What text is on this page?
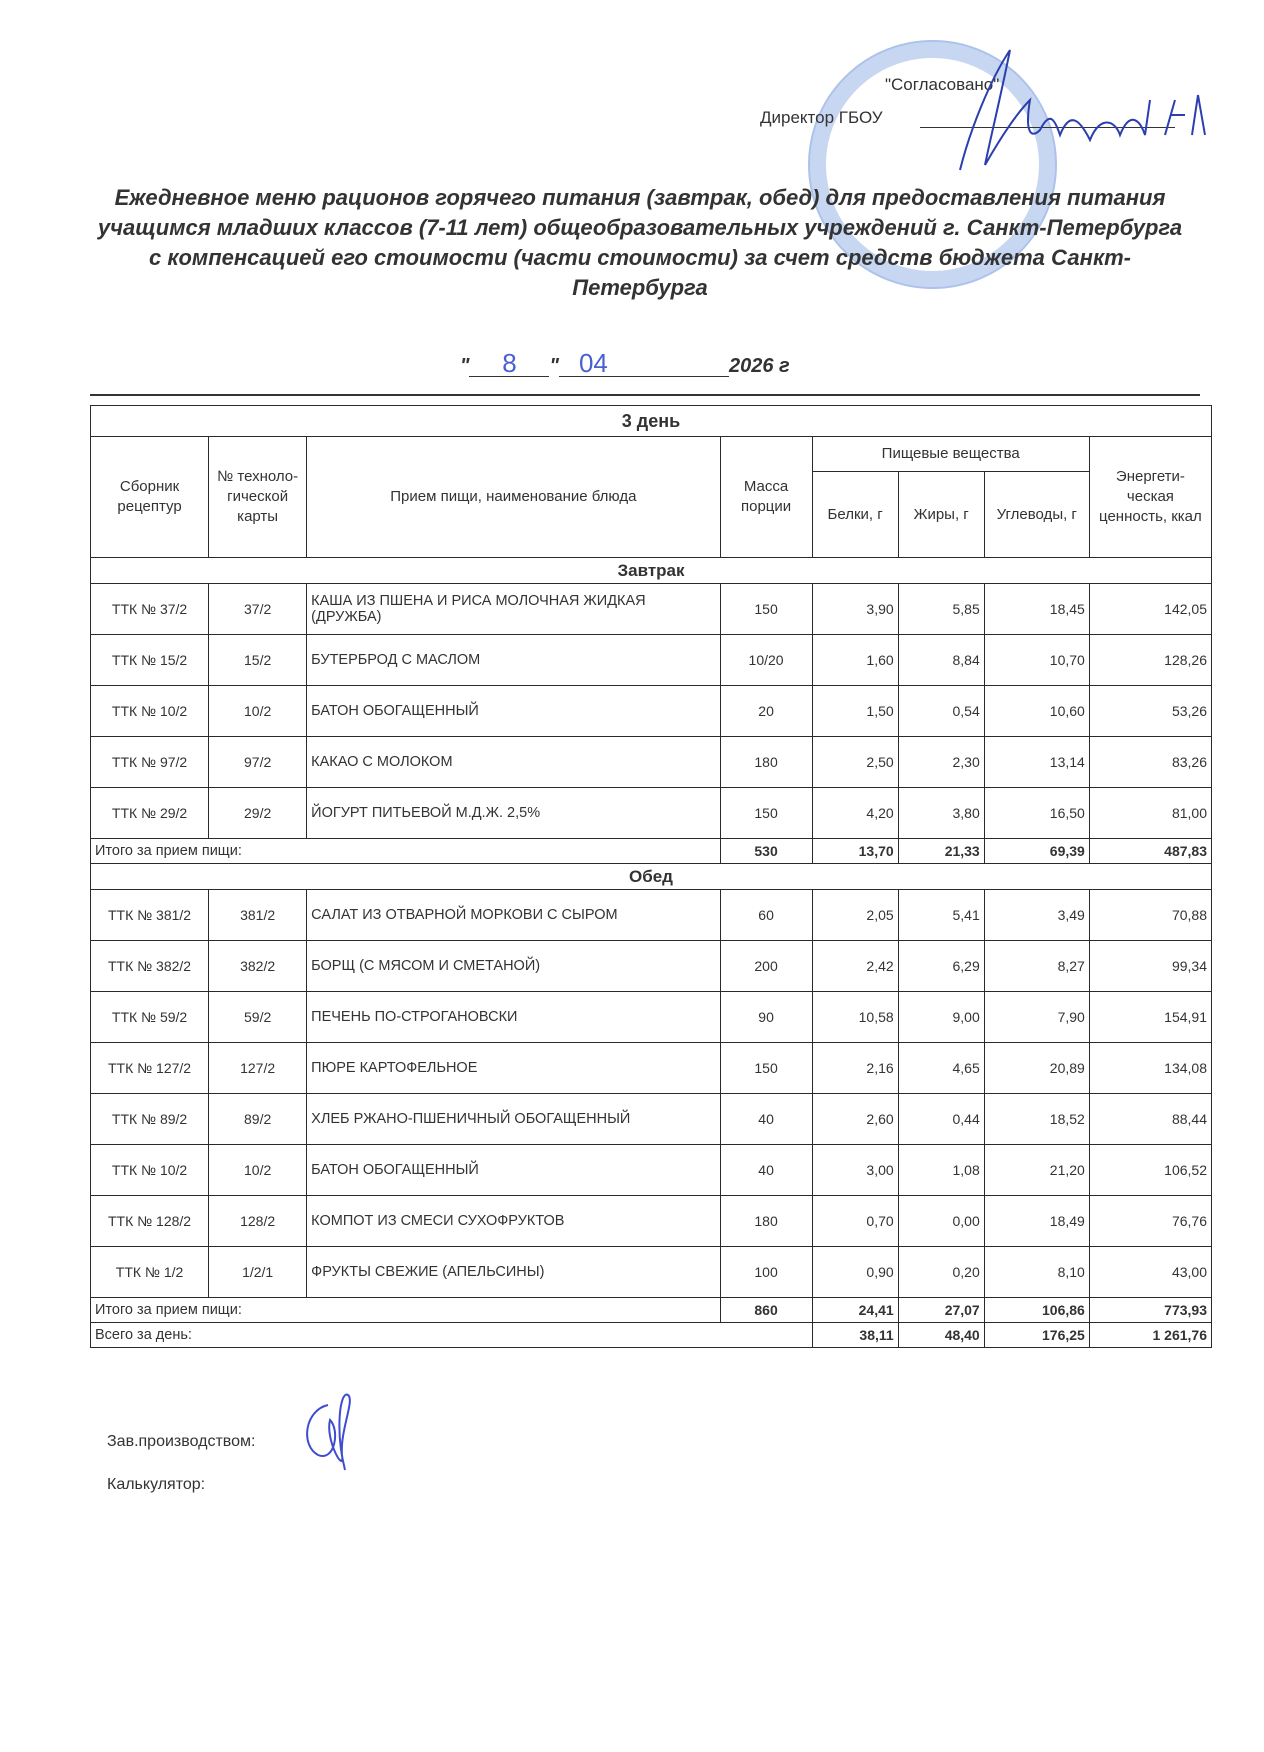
"Согласовано"
Директор ГБОУ
Ежедневное меню рационов горячего питания (завтрак, обед) для предоставления питания учащимся младших классов (7-11 лет) общеобразовательных учреждений г. Санкт-Петербурга с компенсацией его стоимости (части стоимости) за счет средств бюджета Санкт-Петербурга
" 8 " 04	2026 г
3 день							
Сборник рецептур	№ техноло-гической карты	Прием пищи, наименование блюда	Масса порции	Пищевые вещества			Энергети-ческая ценность, ккал
				Белки, г	Жиры, г	Углеводы, г	
Завтрак							
ТТК № 37/2	37/2	КАША ИЗ ПШЕНА И РИСА МОЛОЧНАЯ ЖИДКАЯ (ДРУЖБА)	150	3,90	5,85	18,45	142,05
ТТК № 15/2	15/2	БУТЕРБРОД С МАСЛОМ	10/20	1,60	8,84	10,70	128,26
ТТК № 10/2	10/2	БАТОН ОБОГАЩЕННЫЙ	20	1,50	0,54	10,60	53,26
ТТК № 97/2	97/2	КАКАО С МОЛОКОМ	180	2,50	2,30	13,14	83,26
ТТК № 29/2	29/2	ЙОГУРТ ПИТЬЕВОЙ М.Д.Ж. 2,5%	150	4,20	3,80	16,50	81,00
Итого за прием пищи:			530	13,70	21,33	69,39	487,83
Обед							
ТТК № 381/2	381/2	САЛАТ ИЗ ОТВАРНОЙ МОРКОВИ С СЫРОМ	60	2,05	5,41	3,49	70,88
ТТК № 382/2	382/2	БОРЩ (С МЯСОМ И СМЕТАНОЙ)	200	2,42	6,29	8,27	99,34
ТТК № 59/2	59/2	ПЕЧЕНЬ ПО-СТРОГАНОВСКИ	90	10,58	9,00	7,90	154,91
ТТК № 127/2	127/2	ПЮРЕ КАРТОФЕЛЬНОЕ	150	2,16	4,65	20,89	134,08
ТТК № 89/2	89/2	ХЛЕБ РЖАНО-ПШЕНИЧНЫЙ ОБОГАЩЕННЫЙ	40	2,60	0,44	18,52	88,44
ТТК № 10/2	10/2	БАТОН ОБОГАЩЕННЫЙ	40	3,00	1,08	21,20	106,52
ТТК № 128/2	128/2	КОМПОТ ИЗ СМЕСИ СУХОФРУКТОВ	180	0,70	0,00	18,49	76,76
ТТК № 1/2	1/2/1	ФРУКТЫ СВЕЖИЕ (АПЕЛЬСИНЫ)	100	0,90	0,20	8,10	43,00
Итого за прием пищи:			860	24,41	27,07	106,86	773,93
Всего за день:				38,11	48,40	176,25	1 261,76
Зав.производством:
Калькулятор:
